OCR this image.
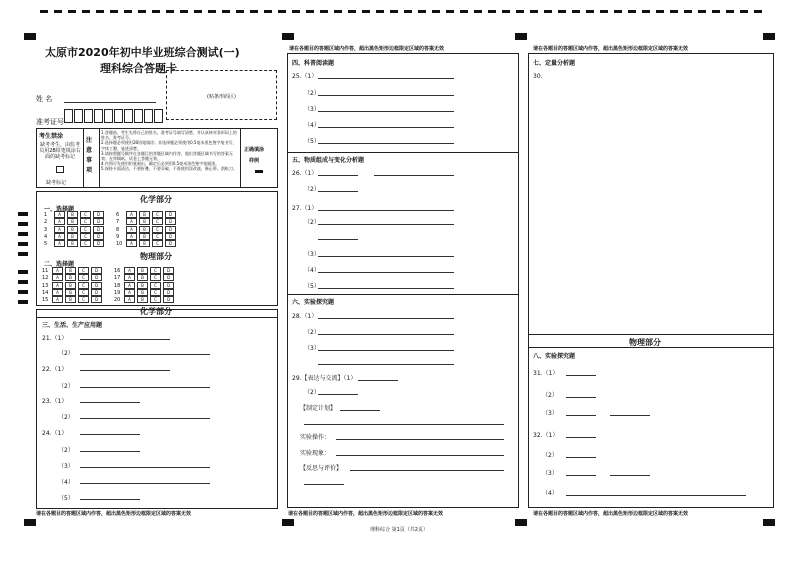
太原市2020年初中毕业班综合测试(一)
理科综合答题卡
姓 名
准考证号
(贴条形码区)
考生禁涂
缺考考生，由监考员用2B铅笔填涂右面的缺考标记
缺考标记
注意事项
1.答题前，考生先将自己的姓名、准考证号填写清楚，并认真核对条形码上的姓名、准考证号。
2.选择题必须使用2B铅笔填涂；非选择题必须使用0.5毫米黑色签字笔书写，字体工整，笔迹清楚。
3.请按照题号顺序在各题目的答题区域内作答，超出答题区域书写的答案无效；在草稿纸、试卷上答题无效。
4.作图可先使用铅笔画出，确定后必须用0.5毫米黑色签字笔描黑。
5.保持卡面清洁，不要折叠、不要弄破，不准使用涂改液、修正带、刮纸刀。
正确填涂
样例
化学部分
一、选择题
物理部分
二、选择题
1	A	B	C	D
2	A	B	C	D
3	A	B	C	D
4	A	B	C	D
5	A	B	C	D
6	A	B	C	D
7	A	B	C	D
8	A	B	C	D
9	A	B	C	D
10 A	B	C	D
11 A	B	C	D
12 A	B	C	D
13 A	B	C	D
14 A	B	C	D
15 A	B	C	D
16 A	B	C	D
17 A	B	C	D
18 A	B	C	D
19 A	B	C	D
20 A	B	C	D
化学部分
三、生活、生产应用题
21.（1）
（2）
22.（1）
（2）
23.（1）
（2）
24.（1）
（2）
（3）
（4）
（5）
请在各题目的答题区域内作答，超出黑色矩形边框限定区域的答案无效
请在各题目的答题区域内作答，超出黑色矩形边框限定区域的答案无效
四、科普阅读题
25.（1）
（2）
（3）
（4）
（5）
五、物质组成与变化分析题
26.（1）
（2）
27.（1）
（2）
（3）
（4）
（5）
六、实验探究题
28.（1）
（2）
（3）
29.【表达与交流】（1）
（2）
【制定计划】
实验操作：
实验现象：
【反思与评价】
请在各题目的答题区域内作答，超出黑色矩形边框限定区域的答案无效
请在各题目的答题区域内作答，超出黑色矩形边框限定区域的答案无效
七、定量分析题
30.
物理部分
八、实验探究题
31.（1）
（2）
（3）
32.（1）
（2）
（3）
（4）
请在各题目的答题区域内作答，超出黑色矩形边框限定区域的答案无效
理科综合 第1页（共2页）
